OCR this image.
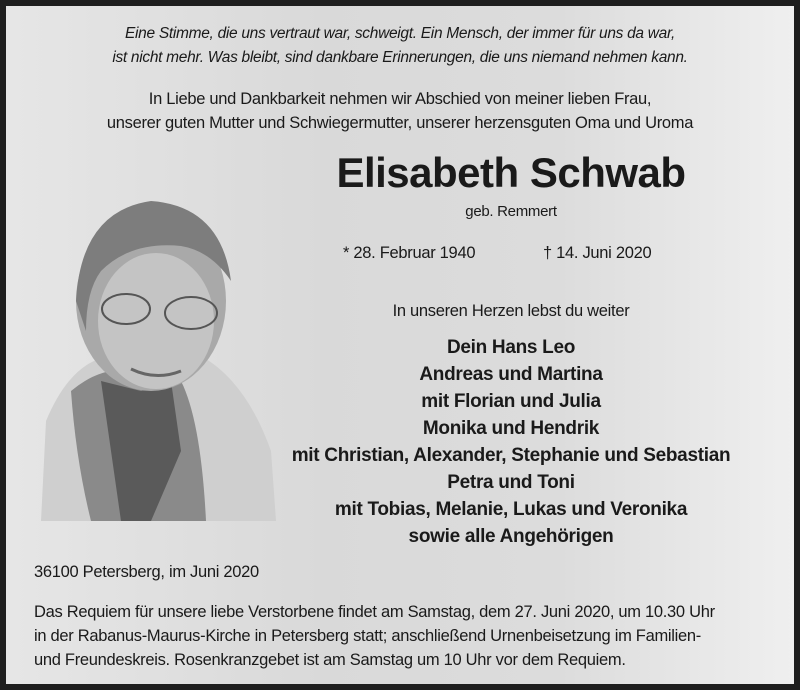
Eine Stimme, die uns vertraut war, schweigt. Ein Mensch, der immer für uns da war,
ist nicht mehr. Was bleibt, sind dankbare Erinnerungen, die uns niemand nehmen kann.
In Liebe und Dankbarkeit nehmen wir Abschied von meiner lieben Frau,
unserer guten Mutter und Schwiegermutter, unserer herzensguten Oma und Uroma
Elisabeth Schwab
geb. Remmert
* 28. Februar 1940	† 14. Juni 2020
In unseren Herzen lebst du weiter
Dein Hans Leo
Andreas und Martina
mit Florian und Julia
Monika und Hendrik
mit Christian, Alexander, Stephanie und Sebastian
Petra und Toni
mit Tobias, Melanie, Lukas und Veronika
sowie alle Angehörigen
36100 Petersberg, im Juni 2020
Das Requiem für unsere liebe Verstorbene findet am Samstag, dem 27. Juni 2020, um 10.30 Uhr
in der Rabanus-Maurus-Kirche in Petersberg statt; anschließend Urnenbeisetzung im Familien-
und Freundeskreis. Rosenkranzgebet ist am Samstag um 10 Uhr vor dem Requiem.
